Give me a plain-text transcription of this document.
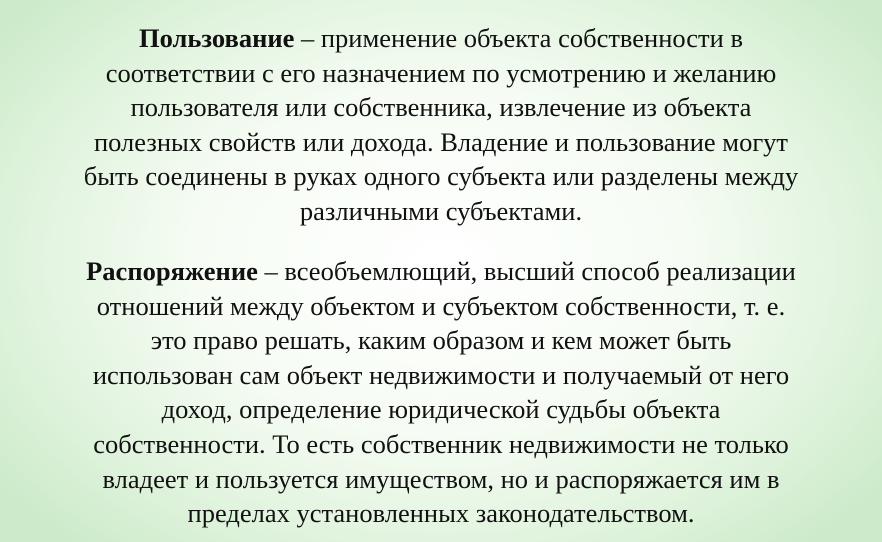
Пользование – применение объекта собственности в
соответствии с его назначением по усмотрению и желанию
пользователя или собственника, извлечение из объекта
полезных свойств или дохода. Владение и пользование могут
быть соединены в руках одного субъекта или разделены между
различными субъектами.

Распоряжение – всеобъемлющий, высший способ реализации
отношений между объектом и субъектом собственности, т. е.
это право решать, каким образом и кем может быть
использован сам объект недвижимости и получаемый от него
доход, определение юридической судьбы объекта
собственности. То есть собственник недвижимости не только
владеет и пользуется имуществом, но и распоряжается им в
пределах установленных законодательством.
